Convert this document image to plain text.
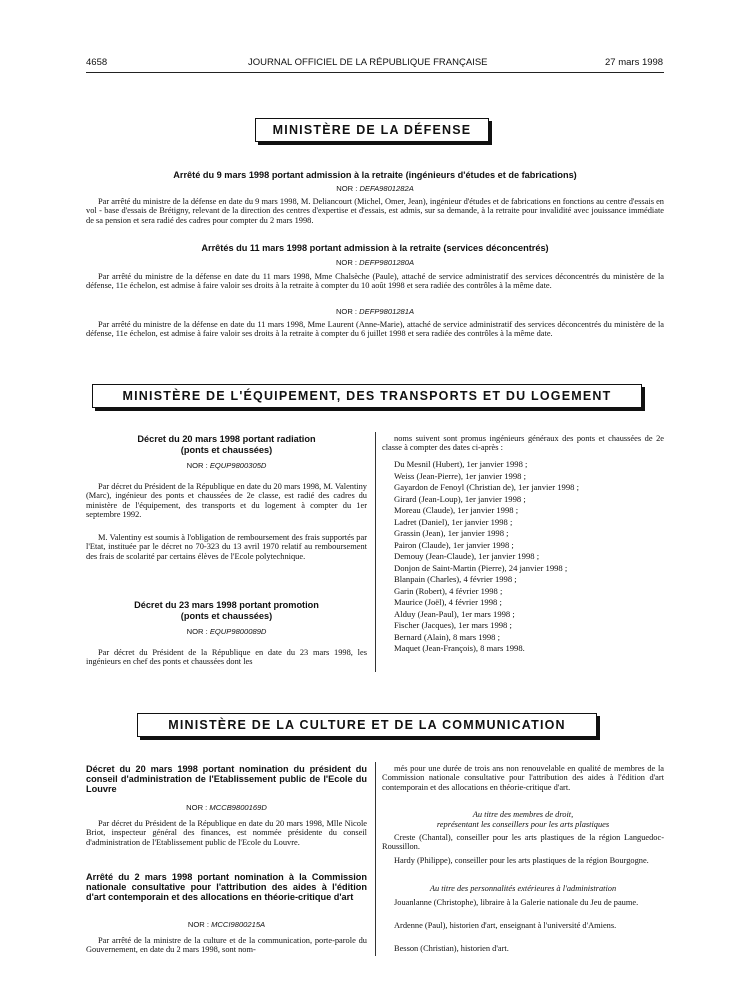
4658	JOURNAL OFFICIEL DE LA RÉPUBLIQUE FRANÇAISE	27 mars 1998
MINISTÈRE DE LA DÉFENSE
Arrêté du 9 mars 1998 portant admission à la retraite (ingénieurs d'études et de fabrications)
NOR : DEFA9801282A

Par arrêté du ministre de la défense en date du 9 mars 1998, M. Deliancourt (Michel, Omer, Jean), ingénieur d'études et de fabrications en fonctions au centre d'essais en vol - base d'essais de Brétigny, relevant de la direction des centres d'expertise et d'essais, est admis, sur sa demande, à la retraite pour invalidité avec jouissance immédiate de sa pension et sera radié des cadres pour compter du 2 mars 1998.

Arrêtés du 11 mars 1998 portant admission à la retraite (services déconcentrés)
NOR : DEFP9801280A

Par arrêté du ministre de la défense en date du 11 mars 1998, Mme Chalsèche (Paule), attaché de service administratif des services déconcentrés du ministère de la défense, 11e échelon, est admise à faire valoir ses droits à la retraite à compter du 10 août 1998 et sera radiée des contrôles à la même date.

NOR : DEFP9801281A

Par arrêté du ministre de la défense en date du 11 mars 1998, Mme Laurent (Anne-Marie), attaché de service administratif des services déconcentrés du ministère de la défense, 11e échelon, est admise à faire valoir ses droits à la retraite à compter du 6 juillet 1998 et sera radiée des contrôles à la même date.

MINISTÈRE DE L'ÉQUIPEMENT, DES TRANSPORTS ET DU LOGEMENT
Décret du 20 mars 1998 portant radiation
(ponts et chaussées)
NOR : EQUP9800305D

Par décret du Président de la République en date du 20 mars 1998, M. Valentiny (Marc), ingénieur des ponts et chaussées de 2e classe, est radié des cadres du ministère de l'équipement, des transports et du logement à compter du 1er septembre 1992.

M. Valentiny est soumis à l'obligation de remboursement des frais supportés par l'Etat, instituée par le décret no 70-323 du 13 avril 1970 relatif au remboursement des frais de scolarité par certains élèves de l'Ecole polytechnique.

Décret du 23 mars 1998 portant promotion
(ponts et chaussées)
NOR : EQUP9800089D

Par décret du Président de la République en date du 23 mars 1998, les ingénieurs en chef des ponts et chaussées dont les

noms suivent sont promus ingénieurs généraux des ponts et chaussées de 2e classe à compter des dates ci-après :

Du Mesnil (Hubert), 1er janvier 1998 ;
Weiss (Jean-Pierre), 1er janvier 1998 ;
Gayardon de Fenoyl (Christian de), 1er janvier 1998 ;
Girard (Jean-Loup), 1er janvier 1998 ;
Moreau (Claude), 1er janvier 1998 ;
Ladret (Daniel), 1er janvier 1998 ;
Grassin (Jean), 1er janvier 1998 ;
Pairon (Claude), 1er janvier 1998 ;
Demouy (Jean-Claude), 1er janvier 1998 ;
Donjon de Saint-Martin (Pierre), 24 janvier 1998 ;
Blanpain (Charles), 4 février 1998 ;
Garin (Robert), 4 février 1998 ;
Maurice (Joël), 4 février 1998 ;
Alduy (Jean-Paul), 1er mars 1998 ;
Fischer (Jacques), 1er mars 1998 ;
Bernard (Alain), 8 mars 1998 ;
Maquet (Jean-François), 8 mars 1998.
MINISTÈRE DE LA CULTURE ET DE LA COMMUNICATION
Décret du 20 mars 1998 portant nomination du président du conseil d'administration de l'Etablissement public de l'Ecole du Louvre
NOR : MCCB9800169D

Par décret du Président de la République en date du 20 mars 1998, Mlle Nicole Briot, inspecteur général des finances, est nommée présidente du conseil d'administration de l'Etablissement public de l'Ecole du Louvre.

Arrêté du 2 mars 1998 portant nomination à la Commission nationale consultative pour l'attribution des aides à l'édition d'art contemporain et des allocations en théorie-critique d'art
NOR : MCCI9800215A

Par arrêté de la ministre de la culture et de la communication, porte-parole du Gouvernement, en date du 2 mars 1998, sont nom-

més pour une durée de trois ans non renouvelable en qualité de membres de la Commission nationale consultative pour l'attribution des aides à l'édition d'art contemporain et des allocations en théorie-critique d'art.

Au titre des membres de droit,
représentant les conseillers pour les arts plastiques

Creste (Chantal), conseiller pour les arts plastiques de la région Languedoc-Roussillon.

Hardy (Philippe), conseiller pour les arts plastiques de la région Bourgogne.

Au titre des personnalités extérieures à l'administration

Jouanlanne (Christophe), libraire à la Galerie nationale du Jeu de paume.

Ardenne (Paul), historien d'art, enseignant à l'université d'Amiens.

Besson (Christian), historien d'art.
